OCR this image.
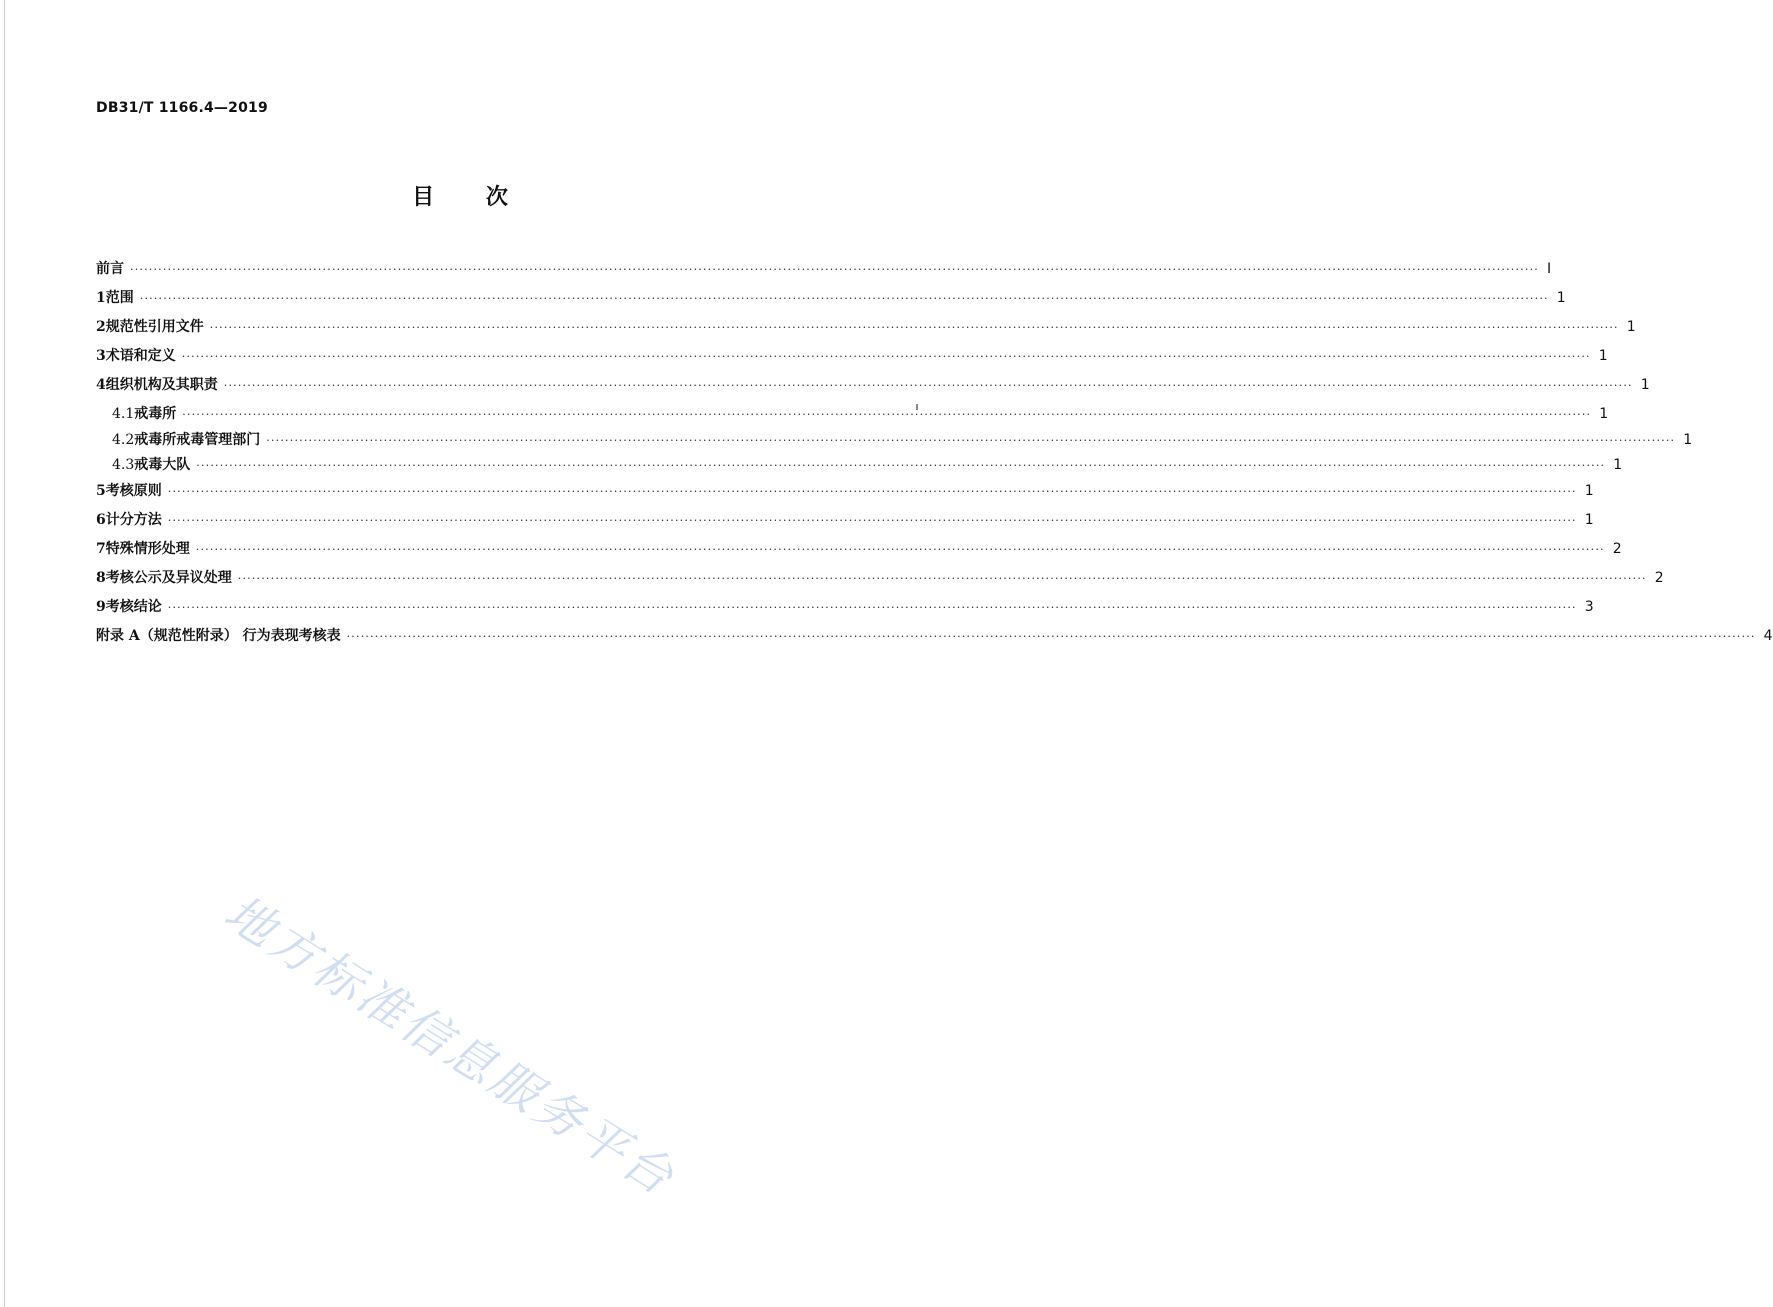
DB31/T 1166.4—2019
目 次
前言 ············································································································································································································································································································ I
1 范围 ············································································································································································································································································································ 1
2 规范性引用文件 ············································································································································································································································································································ 1
3 术语和定义 ············································································································································································································································································································ 1
4 组织机构及其职责 ············································································································································································································································································································ 1
4.1 戒毒所 ············································································································································································································································································································ 1
4.2 戒毒所戒毒管理部门 ············································································································································································································································································································ 1
4.3 戒毒大队 ············································································································································································································································································································ 1
5 考核原则 ············································································································································································································································································································ 1
6 计分方法 ············································································································································································································································································································ 1
7 特殊情形处理 ············································································································································································································································································································ 2
8 考核公示及异议处理 ············································································································································································································································································································ 2
9 考核结论 ············································································································································································································································································································ 3
附录 A（规范性附录） 行为表现考核表 ············································································································································································································································································································ 4
地方标准信息服务平台
